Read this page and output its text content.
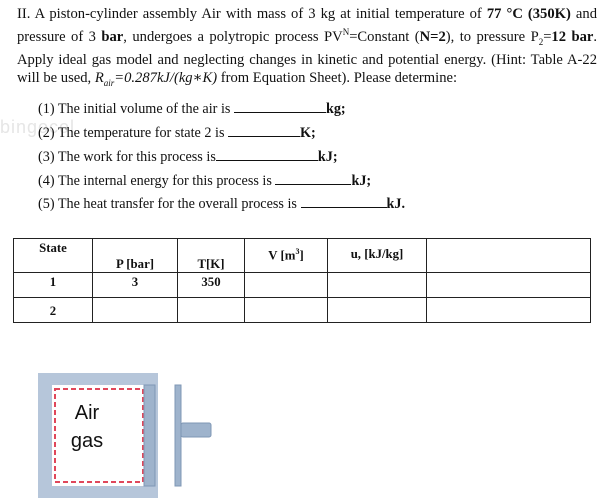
II. A piston-cylinder assembly Air with mass of 3 kg at initial temperature of 77 °C (350K) and pressure of 3 bar, undergoes a polytropic process $PV^N=Constant$ (N=2), to pressure $P_2=12$ bar. Apply ideal gas model and neglecting changes in kinetic and potential energy. (Hint: Table A-22 will be used, $R_{air}=0.287kJ/(kg∗K)$ from Equation Sheet). Please determine:
bingocol
(1) The initial volume of the air is	kg;
(2) The temperature for state 2 is	K;
(3) The work for this process is	kJ;
(4) The internal energy for this process is	kJ;
(5) The heat transfer for the overall process is	kJ.
State	P [bar]	T[K]	V $[m^3]$	u, [kJ/kg]	

1	3	350			

2					

Air
gas
